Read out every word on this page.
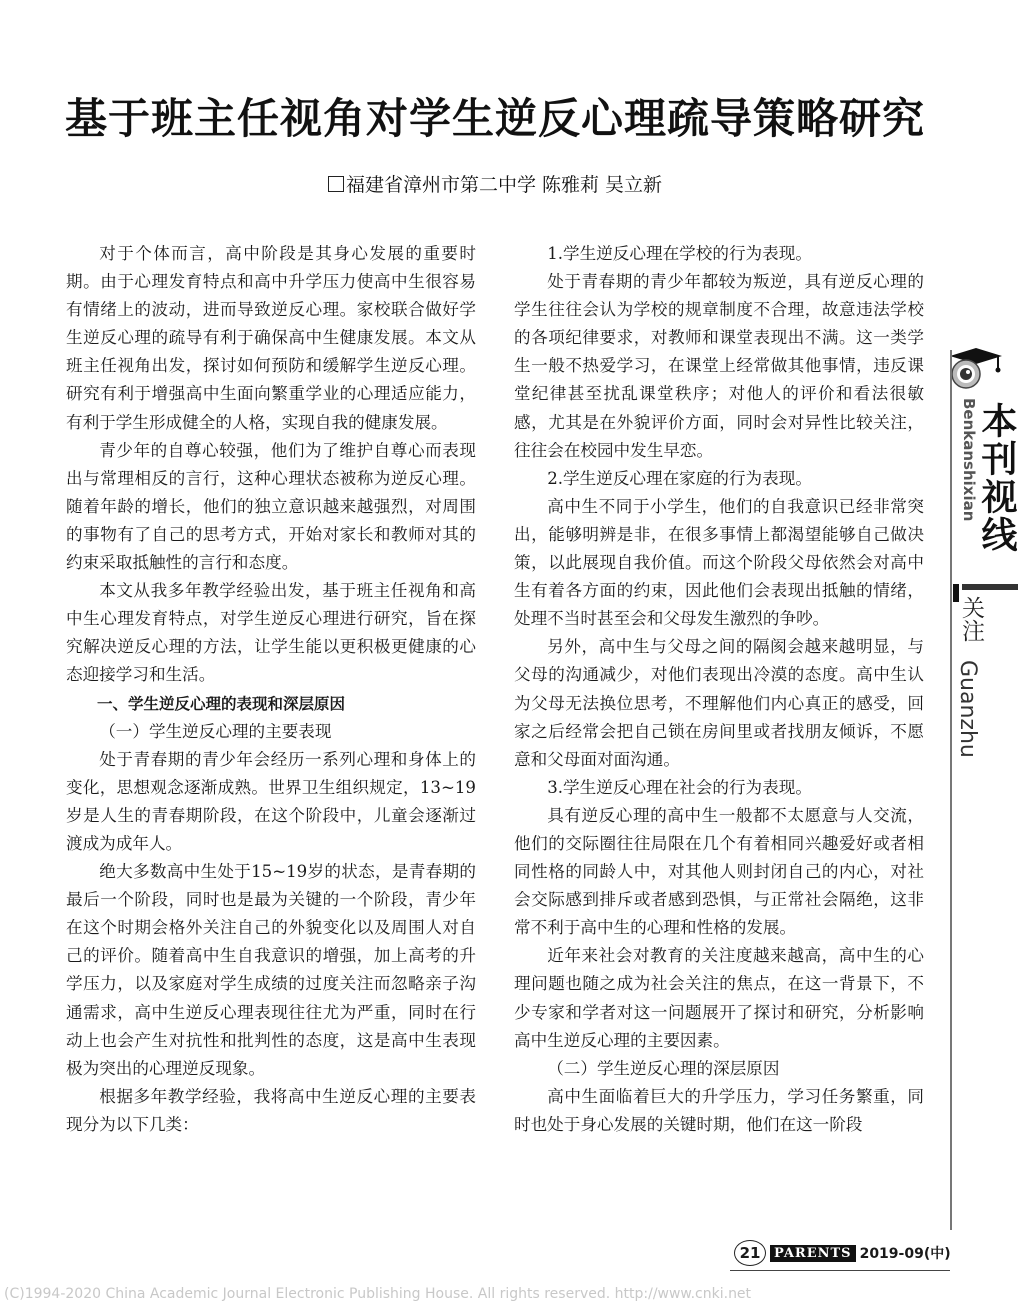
基于班主任视角对学生逆反心理疏导策略研究
福建省漳州市第二中学 陈雅莉 吴立新

对于个体而言，高中阶段是其身心发展的重要时期。由于心理发育特点和高中升学压力使高中生很容易有情绪上的波动，进而导致逆反心理。家校联合做好学生逆反心理的疏导有利于确保高中生健康发展。本文从班主任视角出发，探讨如何预防和缓解学生逆反心理。研究有利于增强高中生面向繁重学业的心理适应能力，有利于学生形成健全的人格，实现自我的健康发展。

青少年的自尊心较强，他们为了维护自尊心而表现出与常理相反的言行，这种心理状态被称为逆反心理。随着年龄的增长，他们的独立意识越来越强烈，对周围的事物有了自己的思考方式，开始对家长和教师对其的约束采取抵触性的言行和态度。

本文从我多年教学经验出发，基于班主任视角和高中生心理发育特点，对学生逆反心理进行研究，旨在探究解决逆反心理的方法，让学生能以更积极更健康的心态迎接学习和生活。

一、学生逆反心理的表现和深层原因

（一）学生逆反心理的主要表现

处于青春期的青少年会经历一系列心理和身体上的变化，思想观念逐渐成熟。世界卫生组织规定，13~19岁是人生的青春期阶段，在这个阶段中，儿童会逐渐过渡成为成年人。

绝大多数高中生处于15~19岁的状态，是青春期的最后一个阶段，同时也是最为关键的一个阶段，青少年在这个时期会格外关注自己的外貌变化以及周围人对自己的评价。随着高中生自我意识的增强，加上高考的升学压力，以及家庭对学生成绩的过度关注而忽略亲子沟通需求，高中生逆反心理表现往往尤为严重，同时在行动上也会产生对抗性和批判性的态度，这是高中生表现极为突出的心理逆反现象。

根据多年教学经验，我将高中生逆反心理的主要表现分为以下几类：

1.学生逆反心理在学校的行为表现。

处于青春期的青少年都较为叛逆，具有逆反心理的学生往往会认为学校的规章制度不合理，故意违法学校的各项纪律要求，对教师和课堂表现出不满。这一类学生一般不热爱学习，在课堂上经常做其他事情，违反课堂纪律甚至扰乱课堂秩序；对他人的评价和看法很敏感，尤其是在外貌评价方面，同时会对异性比较关注，往往会在校园中发生早恋。

2.学生逆反心理在家庭的行为表现。

高中生不同于小学生，他们的自我意识已经非常突出，能够明辨是非，在很多事情上都渴望能够自己做决策，以此展现自我价值。而这个阶段父母依然会对高中生有着各方面的约束，因此他们会表现出抵触的情绪，处理不当时甚至会和父母发生激烈的争吵。

另外，高中生与父母之间的隔阂会越来越明显，与父母的沟通减少，对他们表现出冷漠的态度。高中生认为父母无法换位思考，不理解他们内心真正的感受，回家之后经常会把自己锁在房间里或者找朋友倾诉，不愿意和父母面对面沟通。

3.学生逆反心理在社会的行为表现。

具有逆反心理的高中生一般都不太愿意与人交流，他们的交际圈往往局限在几个有着相同兴趣爱好或者相同性格的同龄人中，对其他人则封闭自己的内心，对社会交际感到排斥或者感到恐惧，与正常社会隔绝，这非常不利于高中生的心理和性格的发展。

近年来社会对教育的关注度越来越高，高中生的心理问题也随之成为社会关注的焦点，在这一背景下，不少专家和学者对这一问题展开了探讨和研究，分析影响高中生逆反心理的主要因素。

（二）学生逆反心理的深层原因

高中生面临着巨大的升学压力，学习任务繁重，同时也处于身心发展的关键时期，他们在这一阶段

Benkanshixian
本刊视线
关注
Guanzhu
21	PARENTS 2019-09(中)
(C)1994-2020 China Academic Journal Electronic Publishing House. All rights reserved. http://www.cnki.net
